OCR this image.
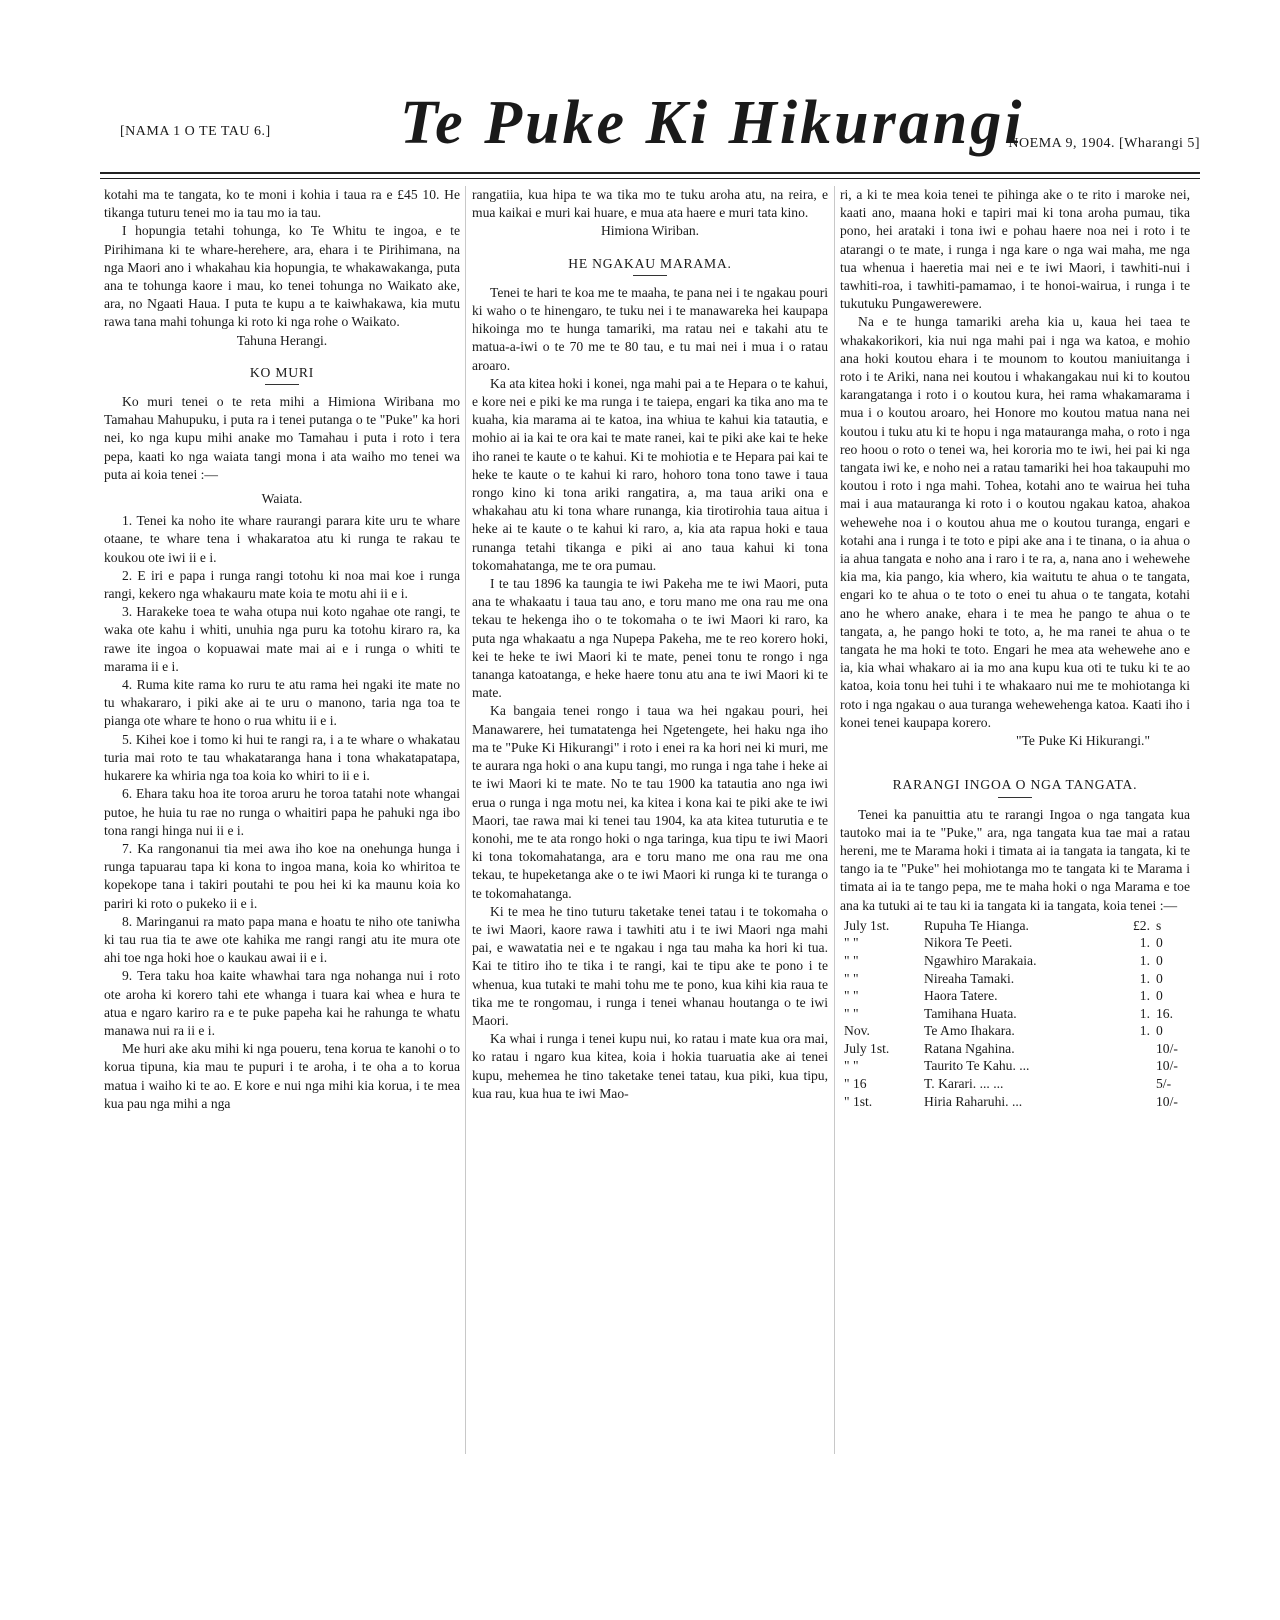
[NAMA 1 O TE TAU 6.] Te Puke Ki Hikurangi
NOEMA 9, 1904. [Wharangi 5]

kotahi ma te tangata, ko te moni i kohia i taua ra e £45 10. He tikanga tuturu tenei mo ia tau mo ia tau.

I hopungia tetahi tohunga, ko Te Whitu te ingoa, e te Pirihimana ki te whare-herehere, ara, ehara i te Pirihimana, na nga Maori ano i whakahau kia hopungia, te whakawakanga, puta ana te tohunga kaore i mau, ko tenei tohunga no Waikato ake, ara, no Ngaati Haua. I puta te kupu a te kaiwhakawa, kia mutu rawa tana mahi tohunga ki roto ki nga rohe o Waikato.

Tahuna Herangi.

KO MURI

Ko muri tenei o te reta mihi a Himiona Wiribana mo Tamahau Mahupuku, i puta ra i tenei putanga o te "Puke" ka hori nei, ko nga kupu mihi anake mo Tamahau i puta i roto i tera pepa, kaati ko nga waiata tangi mona i ata waiho mo tenei wa puta ai koia tenei :—

Waiata.

1. Tenei ka noho ite whare raurangi parara kite uru te whare otaane, te whare tena i whakaratoa atu ki runga te rakau te koukou ote iwi ii e i.

2. E iri e papa i runga rangi totohu ki noa mai koe i runga rangi, kekero nga whakauru mate koia te motu ahi ii e i.

3. Harakeke toea te waha otupa nui koto ngahae ote rangi, te waka ote kahu i whiti, unuhia nga puru ka totohu kiraro ra, ka rawe ite ingoa o kopuawai mate mai ai e i runga o whiti te marama ii e i.

4. Ruma kite rama ko ruru te atu rama hei ngaki ite mate no tu whakararo, i piki ake ai te uru o manono, taria nga toa te pianga ote whare te hono o rua whitu ii e i.

5. Kihei koe i tomo ki hui te rangi ra, i a te whare o whakatau turia mai roto te tau whakataranga hana i tona whakatapatapa, hukarere ka whiria nga toa koia ko whiri to ii e i.

6. Ehara taku hoa ite toroa aruru he toroa tatahi note whangai putoe, he huia tu rae no runga o whaitiri papa he pahuki nga ibo tona rangi hinga nui ii e i.

7. Ka rangonanui tia mei awa iho koe na onehunga hunga i runga tapuarau tapa ki kona to ingoa mana, koia ko whiritoa te kopekope tana i takiri poutahi te pou hei ki ka maunu koia ko pariri ki roto o pukeko ii e i.

8. Maringanui ra mato papa mana e hoatu te niho ote taniwha ki tau rua tia te awe ote kahika me rangi rangi atu ite mura ote ahi toe nga hoki hoe o kaukau awai ii e i.

9. Tera taku hoa kaite whawhai tara nga nohanga nui i roto ote aroha ki korero tahi ete whanga i tuara kai whea e hura te atua e ngaro kariro ra e te puke papeha kai he rahunga te whatu manawa nui ra ii e i.

Me huri ake aku mihi ki nga poueru, tena korua te kanohi o to korua tipuna, kia mau te pupuri i te aroha, i te oha a to korua matua i waiho ki te ao. E kore e nui nga mihi kia korua, i te mea kua pau nga mihi a nga

rangatiia, kua hipa te wa tika mo te tuku aroha atu, na reira, e mua kaikai e muri kai huare, e mua ata haere e muri tata kino.

Himiona Wiriban.

HE NGAKAU MARAMA.

Tenei te hari te koa me te maaha, te pana nei i te ngakau pouri ki waho o te hinengaro, te tuku nei i te manawareka hei kaupapa hikoinga mo te hunga tamariki, ma ratau nei e takahi atu te matua-a-iwi o te 70 me te 80 tau, e tu mai nei i mua i o ratau aroaro.

Ka ata kitea hoki i konei, nga mahi pai a te Hepara o te kahui, e kore nei e piki ke ma runga i te taiepa, engari ka tika ano ma te kuaha, kia marama ai te katoa, ina whiua te kahui kia tatautia, e mohio ai ia kai te ora kai te mate ranei, kai te piki ake kai te heke iho ranei te kaute o te kahui. Ki te mohiotia e te Hepara pai kai te heke te kaute o te kahui ki raro, hohoro tona tono tawe i taua rongo kino ki tona ariki rangatira, a, ma taua ariki ona e whakahau atu ki tona whare runanga, kia tirotirohia taua aitua i heke ai te kaute o te kahui ki raro, a, kia ata rapua hoki e taua runanga tetahi tikanga e piki ai ano taua kahui ki tona tokomahatanga, me te ora pumau.

I te tau 1896 ka taungia te iwi Pakeha me te iwi Maori, puta ana te whakaatu i taua tau ano, e toru mano me ona rau me ona tekau te hekenga iho o te tokomaha o te iwi Maori ki raro, ka puta nga whakaatu a nga Nupepa Pakeha, me te reo korero hoki, kei te heke te iwi Maori ki te mate, penei tonu te rongo i nga tananga katoatanga, e heke haere tonu atu ana te iwi Maori ki te mate.

Ka bangaia tenei rongo i taua wa hei ngakau pouri, hei Manawarere, hei tumatatenga hei Ngetengete, hei haku nga iho ma te "Puke Ki Hikurangi" i roto i enei ra ka hori nei ki muri, me te aurara nga hoki o ana kupu tangi, mo runga i nga tahe i heke ai te iwi Maori ki te mate. No te tau 1900 ka tatautia ano nga iwi erua o runga i nga motu nei, ka kitea i kona kai te piki ake te iwi Maori, tae rawa mai ki tenei tau 1904, ka ata kitea tuturutia e te konohi, me te ata rongo hoki o nga taringa, kua tipu te iwi Maori ki tona tokomahatanga, ara e toru mano me ona rau me ona tekau, te hupeketanga ake o te iwi Maori ki runga ki te turanga o te tokomahatanga.

Ki te mea he tino tuturu taketake tenei tatau i te tokomaha o te iwi Maori, kaore rawa i tawhiti atu i te iwi Maori nga mahi pai, e wawatatia nei e te ngakau i nga tau maha ka hori ki tua. Kai te titiro iho te tika i te rangi, kai te tipu ake te pono i te whenua, kua tutaki te mahi tohu me te pono, kua kihi kia raua te tika me te rongomau, i runga i tenei whanau houtanga o te iwi Maori.

Ka whai i runga i tenei kupu nui, ko ratau i mate kua ora mai, ko ratau i ngaro kua kitea, koia i hokia tuaruatia ake ai tenei kupu, mehemea he tino taketake tenei tatau, kua piki, kua tipu, kua rau, kua hua te iwi Mao-

ri, a ki te mea koia tenei te pihinga ake o te rito i maroke nei, kaati ano, maana hoki e tapiri mai ki tona aroha pumau, tika pono, hei arataki i tona iwi e pohau haere noa nei i roto i te atarangi o te mate, i runga i nga kare o nga wai maha, me nga tua whenua i haeretia mai nei e te iwi Maori, i tawhiti-nui i tawhiti-roa, i tawhiti-pamamao, i te honoi-wairua, i runga i te tukutuku Pungawerewere.

Na e te hunga tamariki areha kia u, kaua hei taea te whakakorikori, kia nui nga mahi pai i nga wa katoa, e mohio ana hoki koutou ehara i te mounom to koutou maniuitanga i roto i te Ariki, nana nei koutou i whakangakau nui ki to koutou karangatanga i roto i o koutou kura, hei rama whakamarama i mua i o koutou aroaro, hei Honore mo koutou matua nana nei koutou i tuku atu ki te hopu i nga matauranga maha, o roto i nga reo hoou o roto o tenei wa, hei kororia mo te iwi, hei pai ki nga tangata iwi ke, e noho nei a ratau tamariki hei hoa takaupuhi mo koutou i roto i nga mahi. Tohea, kotahi ano te wairua hei tuha mai i aua matauranga ki roto i o koutou ngakau katoa, ahakoa wehewehe noa i o koutou ahua me o koutou turanga, engari e kotahi ana i runga i te toto e pipi ake ana i te tinana, o ia ahua o ia ahua tangata e noho ana i raro i te ra, a, nana ano i wehewehe kia ma, kia pango, kia whero, kia waitutu te ahua o te tangata, engari ko te ahua o te toto o enei tu ahua o te tangata, kotahi ano he whero anake, ehara i te mea he pango te ahua o te tangata, a, he pango hoki te toto, a, he ma ranei te ahua o te tangata he ma hoki te toto. Engari he mea ata wehewehe ano e ia, kia whai whakaro ai ia mo ana kupu kua oti te tuku ki te ao katoa, koia tonu hei tuhi i te whakaaro nui me te mohiotanga ki roto i nga ngakau o aua turanga wehewehenga katoa. Kaati iho i konei tenei kaupapa korero.

"Te Puke Ki Hikurangi."

RARANGI INGOA O NGA TANGATA.

Tenei ka panuittia atu te rarangi Ingoa o nga tangata kua tautoko mai ia te "Puke," ara, nga tangata kua tae mai a ratau hereni, me te Marama hoki i timata ai ia tangata ia tangata, ki te tango ia te "Puke" hei mohiotanga mo te tangata ki te Marama i timata ai ia te tango pepa, me te maha hoki o nga Marama e toe ana ka tutuki ai te tau ki ia tangata ki ia tangata, koia tenei :—

July 1st.	Rupuha Te Hianga.	£2.	s
" "	Nikora Te Peeti.	1.	0
" "	Ngawhiro Marakaia.	1.	0
" "	Nireaha Tamaki.	1.	0
" "	Haora Tatere.	1.	0
" "	Tamihana Huata.	1.	16.
Nov.	Te Amo Ihakara.	1.	0
July 1st.	Ratana Ngahina.		10/-
" "	Taurito Te Kahu. ...		10/-
" 16	T. Karari. ... ...		5/-
" 1st.	Hiria Raharuhi. ...		10/-
